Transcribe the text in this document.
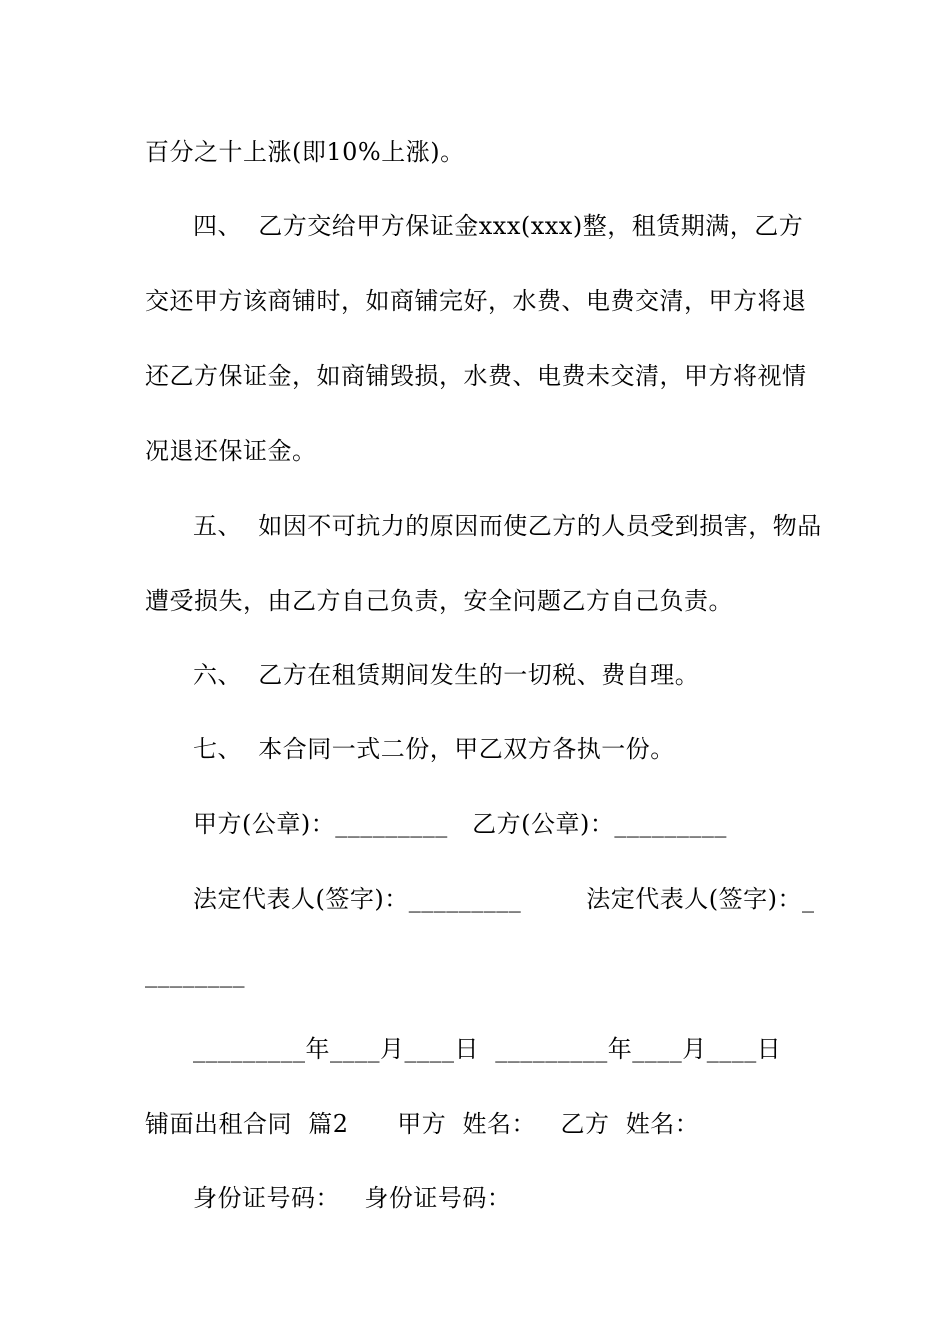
百分之十上涨(即10%上涨)。
四、  乙方交给甲方保证金xxx(xxx)整，租赁期满，乙方
交还甲方该商铺时，如商铺完好，水费、电费交清，甲方将退
还乙方保证金，如商铺毁损，水费、电费未交清，甲方将视情
况退还保证金。
五、  如因不可抗力的原因而使乙方的人员受到损害，物品
遭受损失，由乙方自己负责，安全问题乙方自己负责。
六、  乙方在租赁期间发生的一切税、费自理。
七、  本合同一式二份，甲乙双方各执一份。
甲方(公章)：_________   乙方(公章)：_________
法定代表人(签字)：_________        法定代表人(签字)：_
________
_________年____月____日  _________年____月____日
铺面出租合同  篇2      甲方  姓名：   乙方  姓名：
身份证号码：   身份证号码：
